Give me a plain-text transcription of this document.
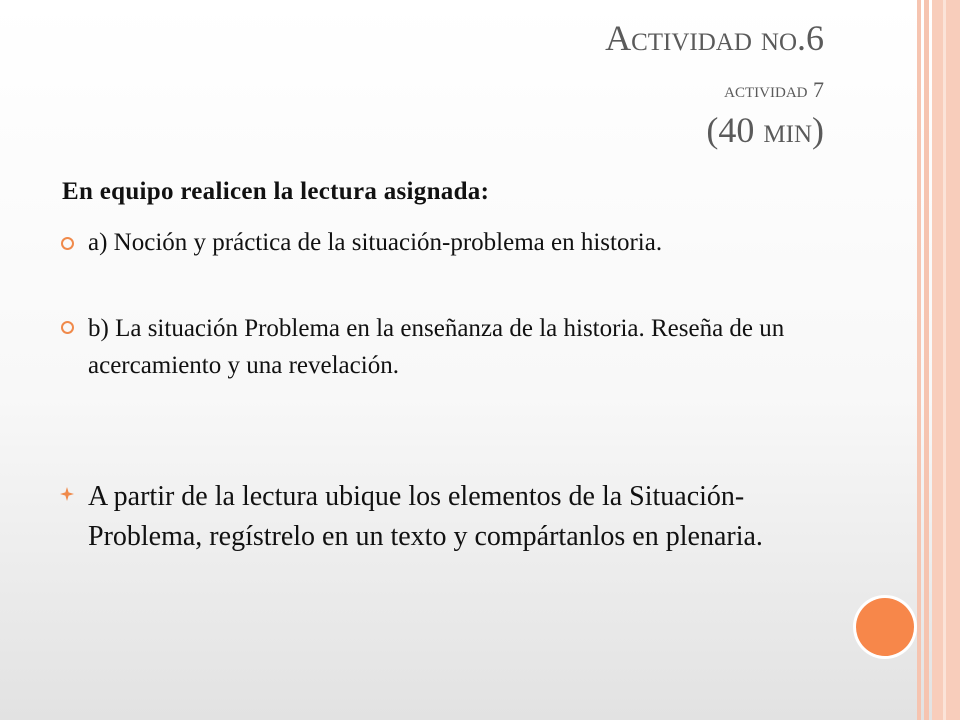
Actividad no.6
actividad 7
(40 min)
En equipo realicen la lectura asignada:
a) Noción y práctica de la situación-problema en historia.
b) La situación Problema en la enseñanza de la historia. Reseña de un acercamiento y una revelación.
A partir de la lectura ubique los elementos de la Situación-Problema, regístrelo en un texto y compártanlos en plenaria.
